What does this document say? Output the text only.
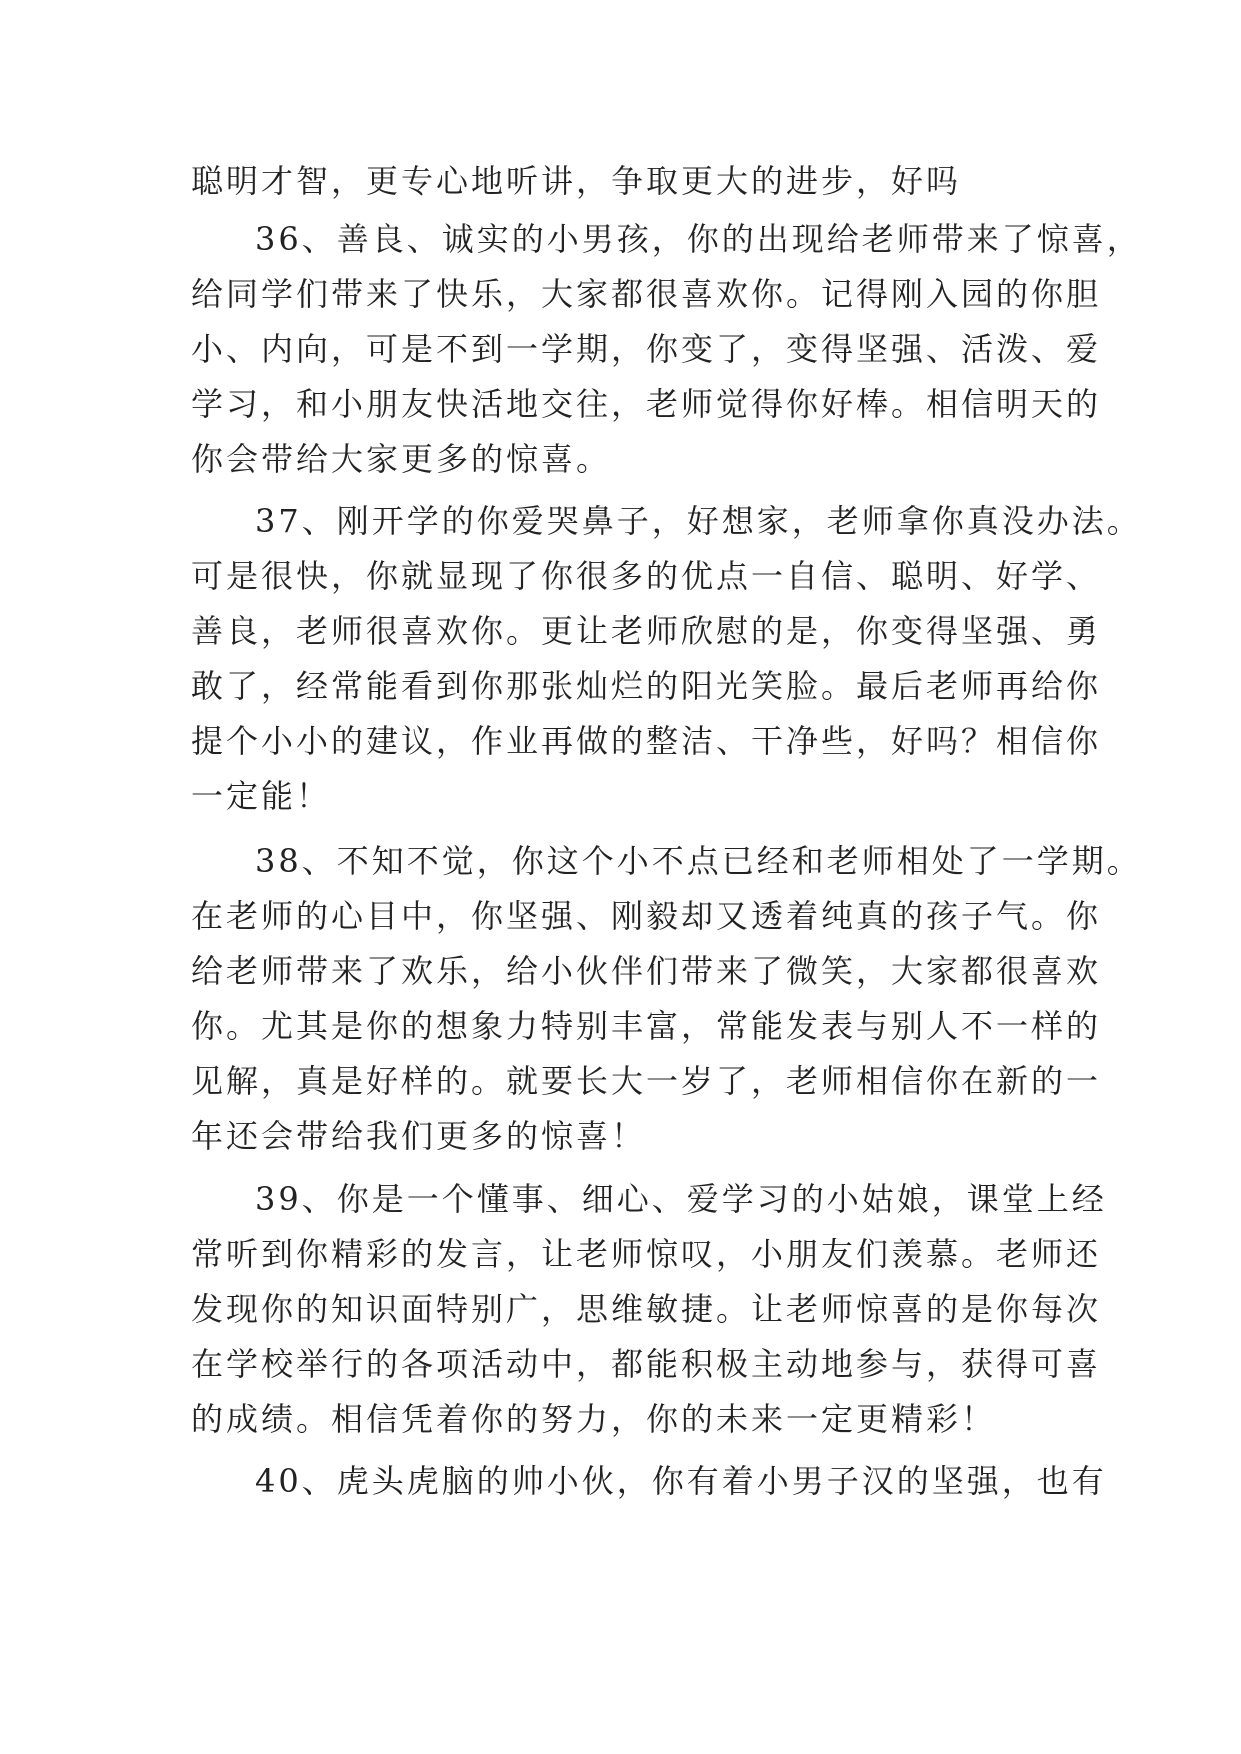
聪明才智，更专心地听讲，争取更大的进步，好吗
36、善良、诚实的小男孩，你的出现给老师带来了惊喜，
给同学们带来了快乐，大家都很喜欢你。记得刚入园的你胆
小、内向，可是不到一学期，你变了，变得坚强、活泼、爱
学习，和小朋友快活地交往，老师觉得你好棒。相信明天的
你会带给大家更多的惊喜。
37、刚开学的你爱哭鼻子，好想家，老师拿你真没办法。
可是很快，你就显现了你很多的优点一自信、聪明、好学、
善良，老师很喜欢你。更让老师欣慰的是，你变得坚强、勇
敢了，经常能看到你那张灿烂的阳光笑脸。最后老师再给你
提个小小的建议，作业再做的整洁、干净些，好吗？相信你
一定能！
38、不知不觉，你这个小不点已经和老师相处了一学期。
在老师的心目中，你坚强、刚毅却又透着纯真的孩子气。你
给老师带来了欢乐，给小伙伴们带来了微笑，大家都很喜欢
你。尤其是你的想象力特别丰富，常能发表与别人不一样的
见解，真是好样的。就要长大一岁了，老师相信你在新的一
年还会带给我们更多的惊喜！
39、你是一个懂事、细心、爱学习的小姑娘，课堂上经
常听到你精彩的发言，让老师惊叹，小朋友们羡慕。老师还
发现你的知识面特别广，思维敏捷。让老师惊喜的是你每次
在学校举行的各项活动中，都能积极主动地参与，获得可喜
的成绩。相信凭着你的努力，你的未来一定更精彩！
40、虎头虎脑的帅小伙，你有着小男子汉的坚强，也有
